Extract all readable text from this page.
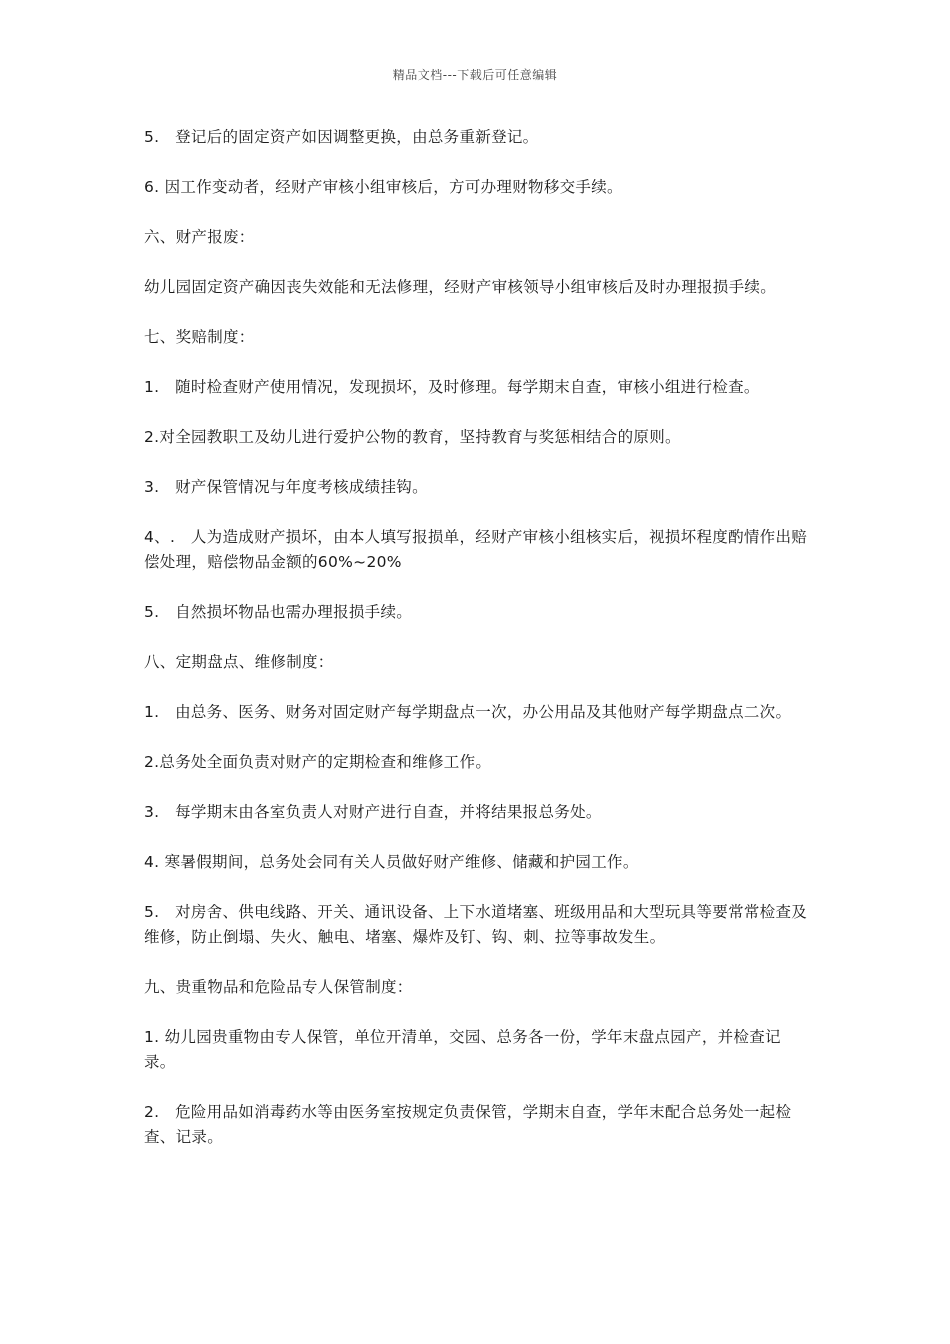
精品文档---下载后可任意编辑

5.   登记后的固定资产如因调整更换，由总务重新登记。

6. 因工作变动者，经财产审核小组审核后，方可办理财物移交手续。

六、财产报废：

幼儿园固定资产确因丧失效能和无法修理，经财产审核领导小组审核后及时办理报损手续。

七、奖赔制度：

1.   随时检查财产使用情况，发现损坏，及时修理。每学期末自查，审核小组进行检查。

2.对全园教职工及幼儿进行爱护公物的教育，坚持教育与奖惩相结合的原则。

3.   财产保管情况与年度考核成绩挂钩。

4、.   人为造成财产损坏，由本人填写报损单，经财产审核小组核实后，视损坏程度酌情作出赔偿处理，赔偿物品金额的60%~20%

5.   自然损坏物品也需办理报损手续。

八、定期盘点、维修制度：

1.   由总务、医务、财务对固定财产每学期盘点一次，办公用品及其他财产每学期盘点二次。

2.总务处全面负责对财产的定期检查和维修工作。

3.   每学期末由各室负责人对财产进行自查，并将结果报总务处。

4. 寒暑假期间，总务处会同有关人员做好财产维修、储藏和护园工作。

5.   对房舍、供电线路、开关、通讯设备、上下水道堵塞、班级用品和大型玩具等要常常检查及维修，防止倒塌、失火、触电、堵塞、爆炸及钉、钩、刺、拉等事故发生。

九、贵重物品和危险品专人保管制度：

1. 幼儿园贵重物由专人保管，单位开清单，交园、总务各一份，学年末盘点园产，并检查记录。

2.   危险用品如消毒药水等由医务室按规定负责保管，学期末自查，学年末配合总务处一起检查、记录。
